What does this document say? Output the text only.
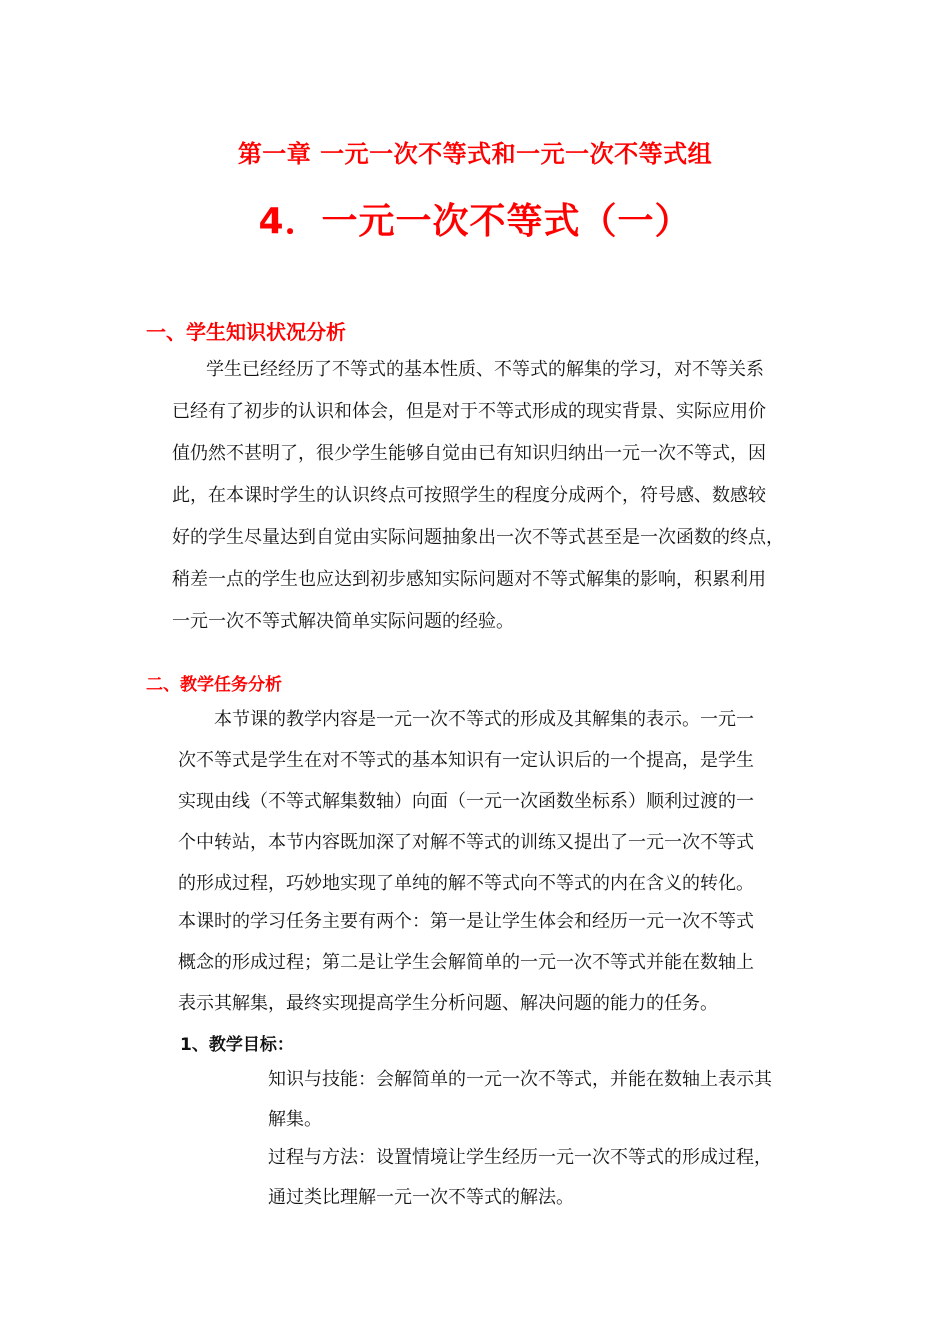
第一章 一元一次不等式和一元一次不等式组
4．一元一次不等式（一）
一、学生知识状况分析
学生已经经历了不等式的基本性质、不等式的解集的学习，对不等关系
已经有了初步的认识和体会，但是对于不等式形成的现实背景、实际应用价
值仍然不甚明了，很少学生能够自觉由已有知识归纳出一元一次不等式，因
此，在本课时学生的认识终点可按照学生的程度分成两个，符号感、数感较
好的学生尽量达到自觉由实际问题抽象出一次不等式甚至是一次函数的终点，
稍差一点的学生也应达到初步感知实际问题对不等式解集的影响，积累利用
一元一次不等式解决简单实际问题的经验。
二、教学任务分析
本节课的教学内容是一元一次不等式的形成及其解集的表示。一元一
次不等式是学生在对不等式的基本知识有一定认识后的一个提高，是学生
实现由线（不等式解集数轴）向面（一元一次函数坐标系）顺利过渡的一
个中转站，本节内容既加深了对解不等式的训练又提出了一元一次不等式
的形成过程，巧妙地实现了单纯的解不等式向不等式的内在含义的转化。
本课时的学习任务主要有两个：第一是让学生体会和经历一元一次不等式
概念的形成过程；第二是让学生会解简单的一元一次不等式并能在数轴上
表示其解集，最终实现提高学生分析问题、解决问题的能力的任务。
1、教学目标：
知识与技能：会解简单的一元一次不等式，并能在数轴上表示其
解集。
过程与方法：设置情境让学生经历一元一次不等式的形成过程，
通过类比理解一元一次不等式的解法。
